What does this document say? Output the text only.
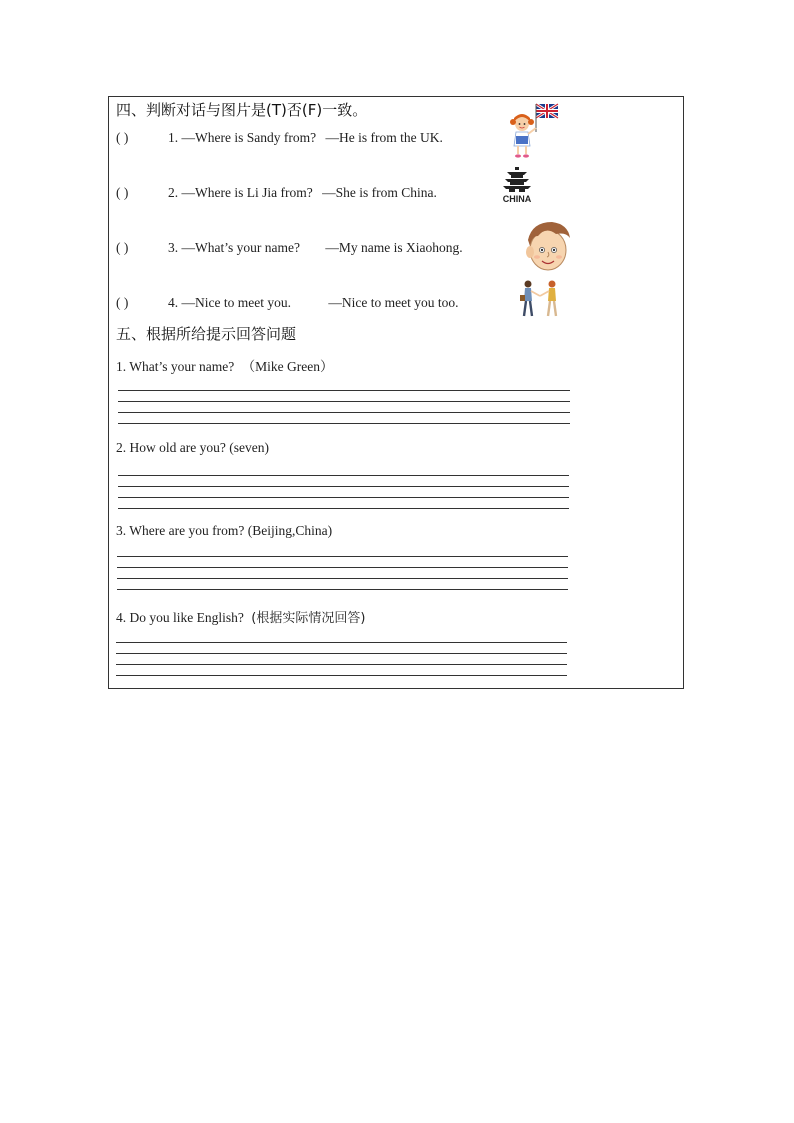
四、判断对话与图片是(T)否(F)一致。
( )	1. —Where is Sandy from? —He is from the UK.
( )	2. —Where is Li Jia from? —She is from China.
( )	3. —What’s your name? —My name is Xiaohong.
( )	4. —Nice to meet you.	—Nice to meet you too.
CHINA
五、根据所给提示回答问题
1. What’s your name? （Mike Green）
2. How old are you? (seven)
3. Where are you from? (Beijing,China)
4. Do you like English? (根据实际情况回答)
